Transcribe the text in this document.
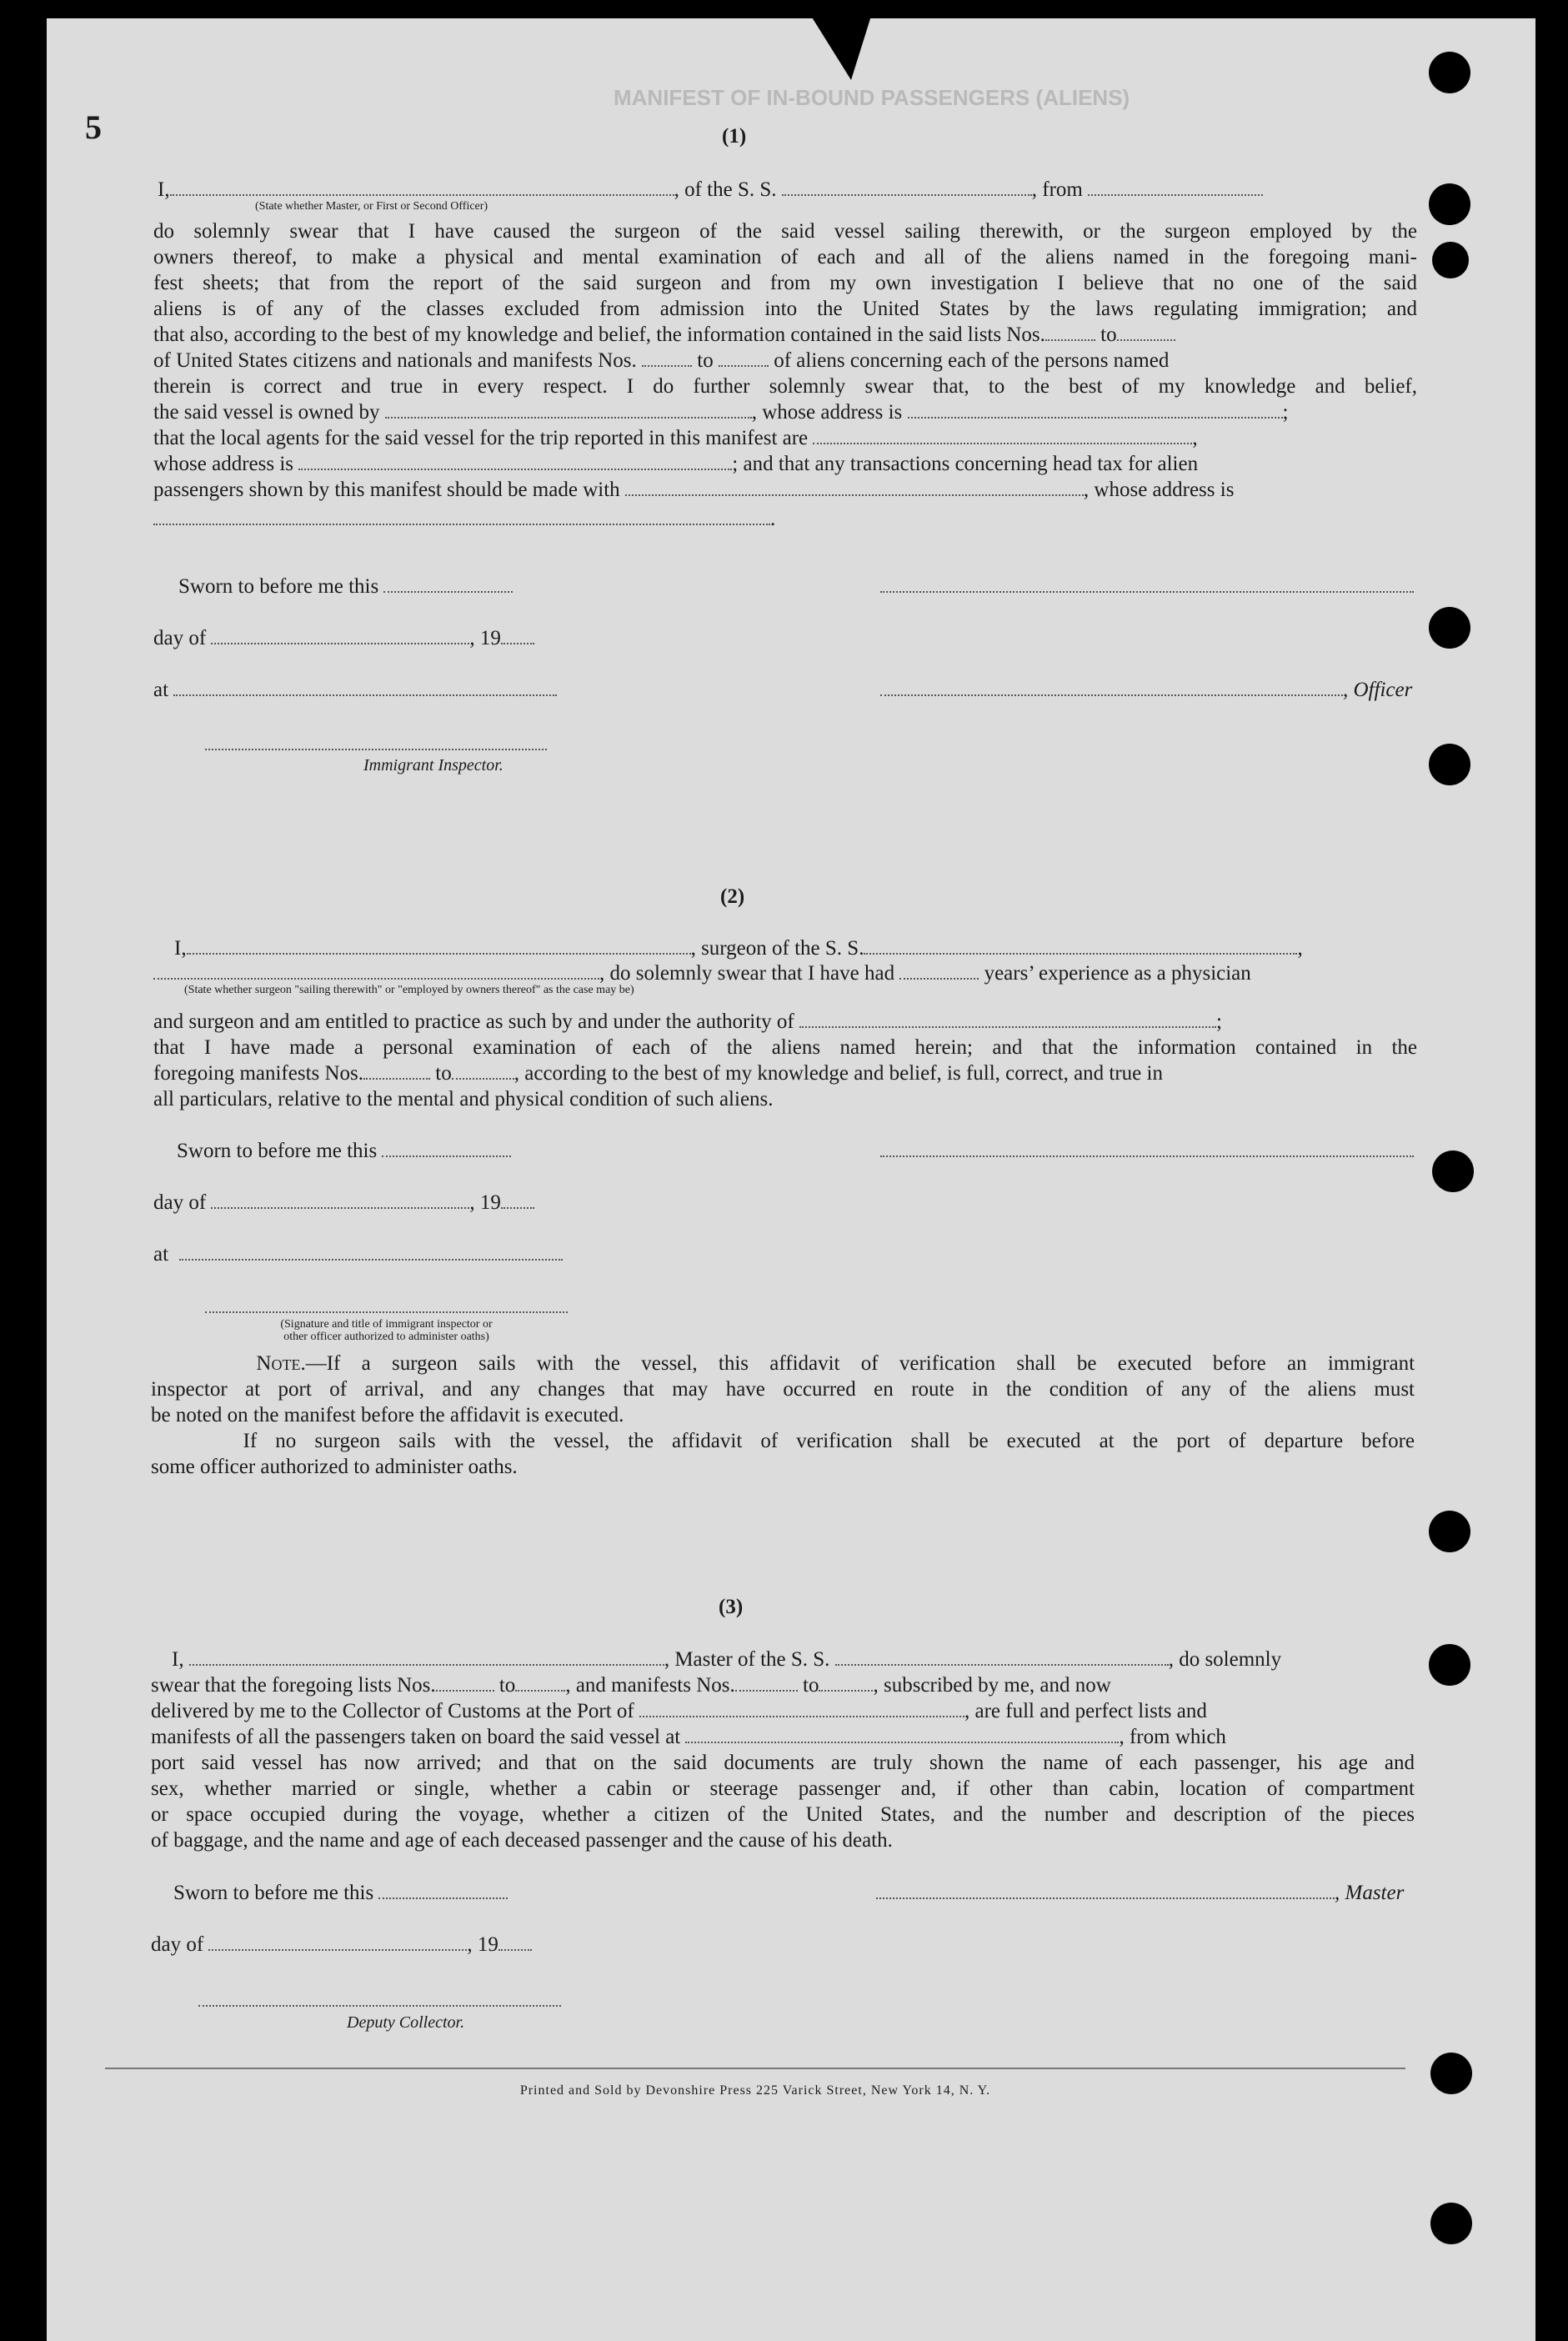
MANIFEST OF IN-BOUND PASSENGERS (ALIENS)
5	(1)
I,	, of the S. S.	, from
(State whether Master, or First or Second Officer)
do solemnly swear that I have caused the surgeon of the said vessel sailing therewith, or the surgeon employed by the
owners thereof, to make a physical and mental examination of each and all of the aliens named in the foregoing mani-
fest sheets; that from the report of the said surgeon and from my own investigation I believe that no one of the said
aliens is of any of the classes excluded from admission into the United States by the laws regulating immigration; and
that also, according to the best of my knowledge and belief, the information contained in the said lists Nos.	to
of United States citizens and nationals and manifests Nos.	to	of aliens concerning each of the persons named
therein is correct and true in every respect. I do further solemnly swear that, to the best of my knowledge and belief,
the said vessel is owned by	, whose address is	;
that the local agents for the said vessel for the trip reported in this manifest are	,
whose address is	; and that any transactions concerning head tax for alien
passengers shown by this manifest should be made with	, whose address is
.
Sworn to before me this
day of	, 19
at	, Officer
Immigrant Inspector.
(2)
I,	, surgeon of the S. S.	,
, do solemnly swear that I have had	years’ experience as a physician
(State whether surgeon "sailing therewith" or "employed by owners thereof" as the case may be)
and surgeon and am entitled to practice as such by and under the authority of	;
that I have made a personal examination of each of the aliens named herein; and that the information contained in the
foregoing manifests Nos.	to	, according to the best of my knowledge and belief, is full, correct, and true in
all particulars, relative to the mental and physical condition of such aliens.
Sworn to before me this
day of	, 19
at
(Signature and title of immigrant inspector or
other officer authorized to administer oaths)
Note.—If a surgeon sails with the vessel, this affidavit of verification shall be executed before an immigrant
inspector at port of arrival, and any changes that may have occurred en route in the condition of any of the aliens must
be noted on the manifest before the affidavit is executed.
If no surgeon sails with the vessel, the affidavit of verification shall be executed at the port of departure before
some officer authorized to administer oaths.
(3)
I,	, Master of the S. S.	, do solemnly
swear that the foregoing lists Nos.	to , and manifests Nos.	to	, subscribed by me, and now
delivered by me to the Collector of Customs at the Port of	, are full and perfect lists and
manifests of all the passengers taken on board the said vessel at	, from which
port said vessel has now arrived; and that on the said documents are truly shown the name of each passenger, his age and
sex, whether married or single, whether a cabin or steerage passenger and, if other than cabin, location of compartment
or space occupied during the voyage, whether a citizen of the United States, and the number and description of the pieces
of baggage, and the name and age of each deceased passenger and the cause of his death.
Sworn to before me this	, Master
day of	, 19
Deputy Collector.
Printed and Sold by Devonshire Press 225 Varick Street, New York 14, N. Y.
